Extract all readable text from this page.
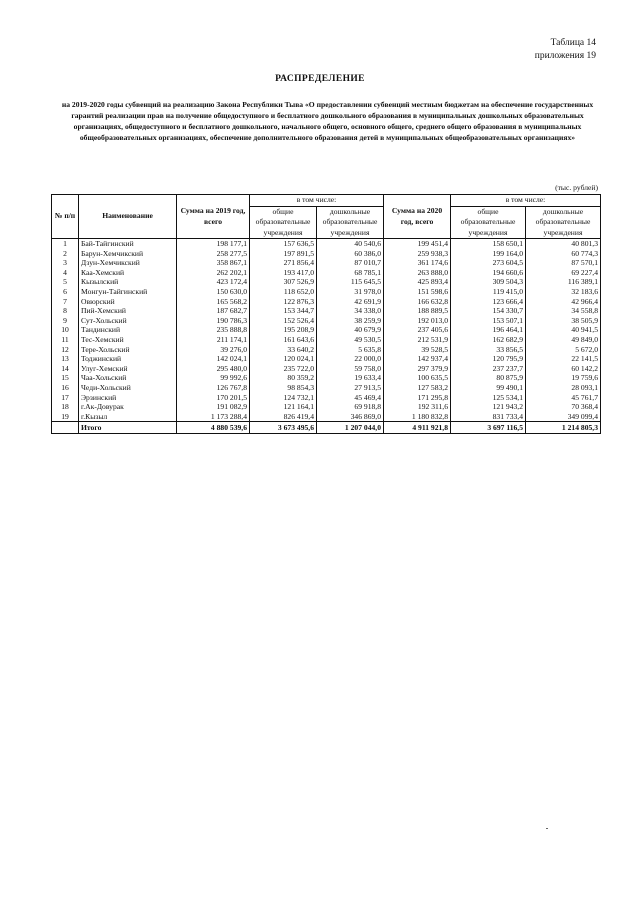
Таблица 14
приложения 19
РАСПРЕДЕЛЕНИЕ
на 2019-2020 годы субвенций на реализацию Закона Республики Тыва «О предоставлении субвенций местным бюджетам на обеспечение государственных гарантий реализации прав на получение общедоступного и бесплатного дошкольного образования в муниципальных дошкольных образовательных организациях, общедоступного и бесплатного дошкольного, начального общего, основного общего, среднего общего образования в муниципальных общеобразовательных организациях, обеспечение дополнительного образования детей в муниципальных общеобразовательных организациях»
(тыс. рублей)
№ п/п	Наименование	Сумма на 2019 год, всего	в том числе:		Сумма на 2020 год, всего	в том числе:	
			общие образовательные учреждения	дошкольные образовательные учреждения		общие образовательные учреждения	дошкольные образовательные учреждения
1	Бай-Тайгинский	198 177,1	157 636,5	40 540,6	199 451,4	158 650,1	40 801,3
2	Барун-Хемчикский	258 277,5	197 891,5	60 386,0	259 938,3	199 164,0	60 774,3
3	Дзун-Хемчикский	358 867,1	271 856,4	87 010,7	361 174,6	273 604,5	87 570,1
4	Каа-Хемский	262 202,1	193 417,0	68 785,1	263 888,0	194 660,6	69 227,4
5	Кызылский	423 172,4	307 526,9	115 645,5	425 893,4	309 504,3	116 389,1
6	Монгун-Тайгинский	150 630,0	118 652,0	31 978,0	151 598,6	119 415,0	32 183,6
7	Овюрский	165 568,2	122 876,3	42 691,9	166 632,8	123 666,4	42 966,4
8	Пий-Хемский	187 682,7	153 344,7	34 338,0	188 889,5	154 330,7	34 558,8
9	Сут-Хольский	190 786,3	152 526,4	38 259,9	192 013,0	153 507,1	38 505,9
10	Тандинский	235 888,8	195 208,9	40 679,9	237 405,6	196 464,1	40 941,5
11	Тес-Хемский	211 174,1	161 643,6	49 530,5	212 531,9	162 682,9	49 849,0
12	Тере-Хольский	39 276,0	33 640,2	5 635,8	39 528,5	33 856,5	5 672,0
13	Тоджинский	142 024,1	120 024,1	22 000,0	142 937,4	120 795,9	22 141,5
14	Улуг-Хемский	295 480,0	235 722,0	59 758,0	297 379,9	237 237,7	60 142,2
15	Чаа-Хольский	99 992,6	80 359,2	19 633,4	100 635,5	80 875,9	19 759,6
16	Чеди-Хольский	126 767,8	98 854,3	27 913,5	127 583,2	99 490,1	28 093,1
17	Эрзинский	170 201,5	124 732,1	45 469,4	171 295,8	125 534,1	45 761,7
18	г.Ак-Довурак	191 082,9	121 164,1	69 918,8	192 311,6	121 943,2	70 368,4
19	г.Кызыл	1 173 288,4	826 419,4	346 869,0	1 180 832,8	831 733,4	349 099,4
	Итого	4 880 539,6	3 673 495,6	1 207 044,0	4 911 921,8	3 697 116,5	1 214 805,3
